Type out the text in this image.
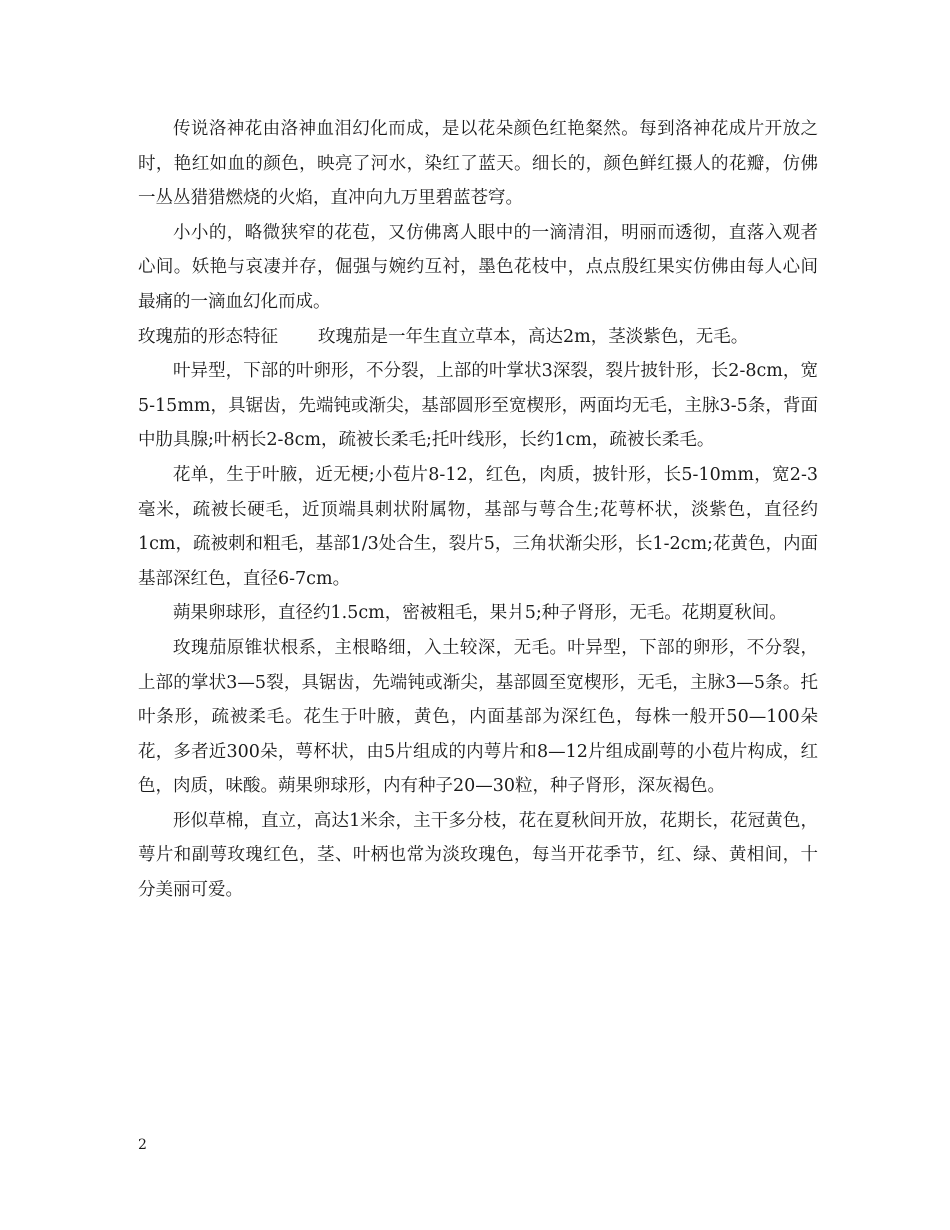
传说洛神花由洛神血泪幻化而成，是以花朵颜色红艳粲然。每到洛神花成片开放之时，艳红如血的颜色，映亮了河水，染红了蓝天。细长的，颜色鲜红摄人的花瓣，仿佛一丛丛猎猎燃烧的火焰，直冲向九万里碧蓝苍穹。

小小的，略微狭窄的花苞，又仿佛离人眼中的一滴清泪，明丽而透彻，直落入观者心间。妖艳与哀凄并存，倔强与婉约互衬，墨色花枝中，点点殷红果实仿佛由每人心间最痛的一滴血幻化而成。

玫瑰茄的形态特征 玫瑰茄是一年生直立草本，高达2m，茎淡紫色，无毛。

叶异型，下部的叶卵形，不分裂，上部的叶掌状3深裂，裂片披针形，长2-8cm，宽5-15mm，具锯齿，先端钝或渐尖，基部圆形至宽楔形，两面均无毛，主脉3-5条，背面中肋具腺;叶柄长2-8cm，疏被长柔毛;托叶线形，长约1cm，疏被长柔毛。

花单，生于叶腋，近无梗;小苞片8-12，红色，肉质，披针形，长5-10mm，宽2-3毫米，疏被长硬毛，近顶端具刺状附属物，基部与萼合生;花萼杯状，淡紫色，直径约1cm，疏被刺和粗毛，基部1/3处合生，裂片5，三角状渐尖形，长1-2cm;花黄色，内面基部深红色，直径6-7cm。

蒴果卵球形，直径约1.5cm，密被粗毛，果爿5;种子肾形，无毛。花期夏秋间。

玫瑰茄原锥状根系，主根略细，入土较深，无毛。叶异型，下部的卵形，不分裂，上部的掌状3—5裂，具锯齿，先端钝或渐尖，基部圆至宽楔形，无毛，主脉3—5条。托叶条形，疏被柔毛。花生于叶腋，黄色，内面基部为深红色，每株一般开50—100朵花，多者近300朵，萼杯状，由5片组成的内萼片和8—12片组成副萼的小苞片构成，红色，肉质，味酸。蒴果卵球形，内有种子20—30粒，种子肾形，深灰褐色。

形似草棉，直立，高达1米余，主干多分枝，花在夏秋间开放，花期长，花冠黄色，萼片和副萼玫瑰红色，茎、叶柄也常为淡玫瑰色，每当开花季节，红、绿、黄相间，十分美丽可爱。

2
